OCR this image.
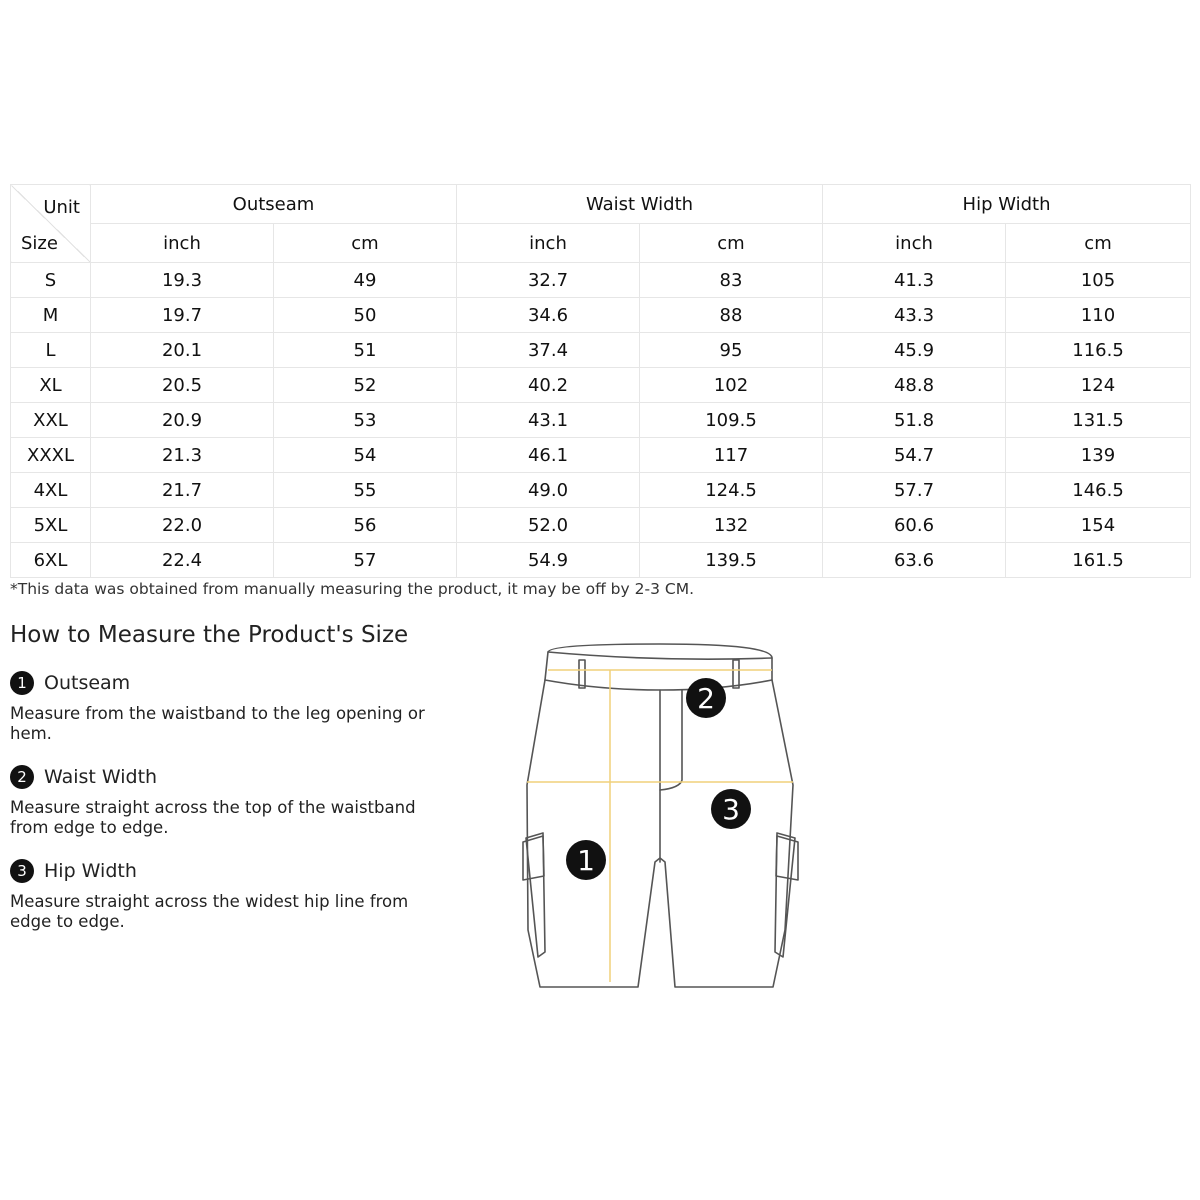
Unit
Size	Outseam		Waist Width		Hip Width	
	inch	cm	inch	cm	inch	cm
S	19.3	49	32.7	83	41.3	105
M	19.7	50	34.6	88	43.3	110
L	20.1	51	37.4	95	45.9	116.5
XL	20.5	52	40.2	102	48.8	124
XXL	20.9	53	43.1	109.5	51.8	131.5
XXXL	21.3	54	46.1	117	54.7	139
4XL	21.7	55	49.0	124.5	57.7	146.5
5XL	22.0	56	52.0	132	60.6	154
6XL	22.4	57	54.9	139.5	63.6	161.5
*This data was obtained from manually measuring the product, it may be off by 2-3 CM.
How to Measure the Product's Size
1 Outseam
Measure from the waistband to the leg opening or hem.
2 Waist Width
Measure straight across the top of the waistband from edge to edge.
3 Hip Width
Measure straight across the widest hip line from edge to edge.
1
2
3
